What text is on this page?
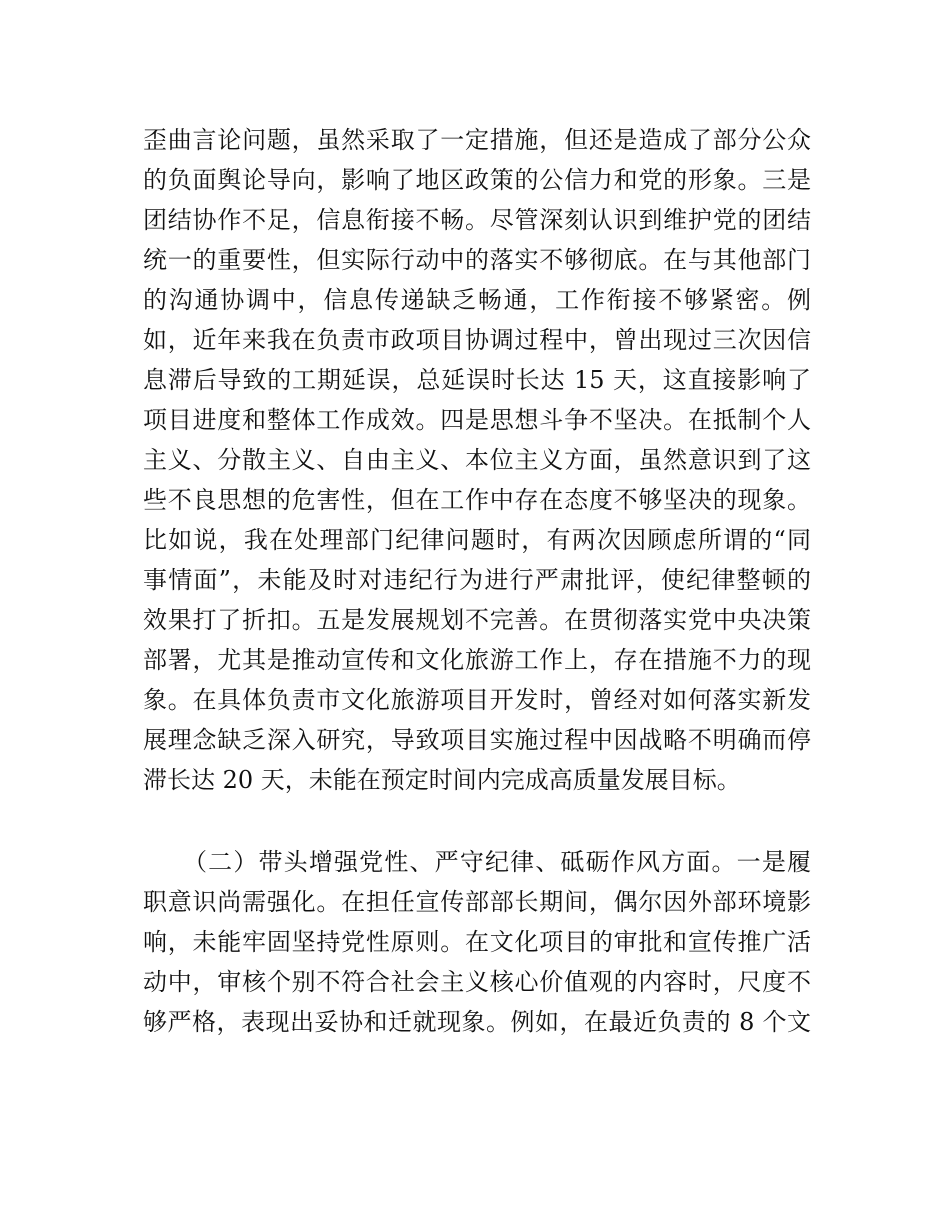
歪曲言论问题，虽然采取了一定措施，但还是造成了部分公众
的负面舆论导向，影响了地区政策的公信力和党的形象。三是
团结协作不足，信息衔接不畅。尽管深刻认识到维护党的团结
统一的重要性，但实际行动中的落实不够彻底。在与其他部门
的沟通协调中，信息传递缺乏畅通，工作衔接不够紧密。例
如，近年来我在负责市政项目协调过程中，曾出现过三次因信
息滞后导致的工期延误，总延误时长达 15 天，这直接影响了
项目进度和整体工作成效。四是思想斗争不坚决。在抵制个人
主义、分散主义、自由主义、本位主义方面，虽然意识到了这
些不良思想的危害性，但在工作中存在态度不够坚决的现象。
比如说，我在处理部门纪律问题时，有两次因顾虑所谓的“同
事情面”，未能及时对违纪行为进行严肃批评，使纪律整顿的
效果打了折扣。五是发展规划不完善。在贯彻落实党中央决策
部署，尤其是推动宣传和文化旅游工作上，存在措施不力的现
象。在具体负责市文化旅游项目开发时，曾经对如何落实新发
展理念缺乏深入研究，导致项目实施过程中因战略不明确而停
滞长达 20 天，未能在预定时间内完成高质量发展目标。
（二）带头增强党性、严守纪律、砥砺作风方面。一是履
职意识尚需强化。在担任宣传部部长期间，偶尔因外部环境影
响，未能牢固坚持党性原则。在文化项目的审批和宣传推广活
动中，审核个别不符合社会主义核心价值观的内容时，尺度不
够严格，表现出妥协和迁就现象。例如，在最近负责的 8 个文
